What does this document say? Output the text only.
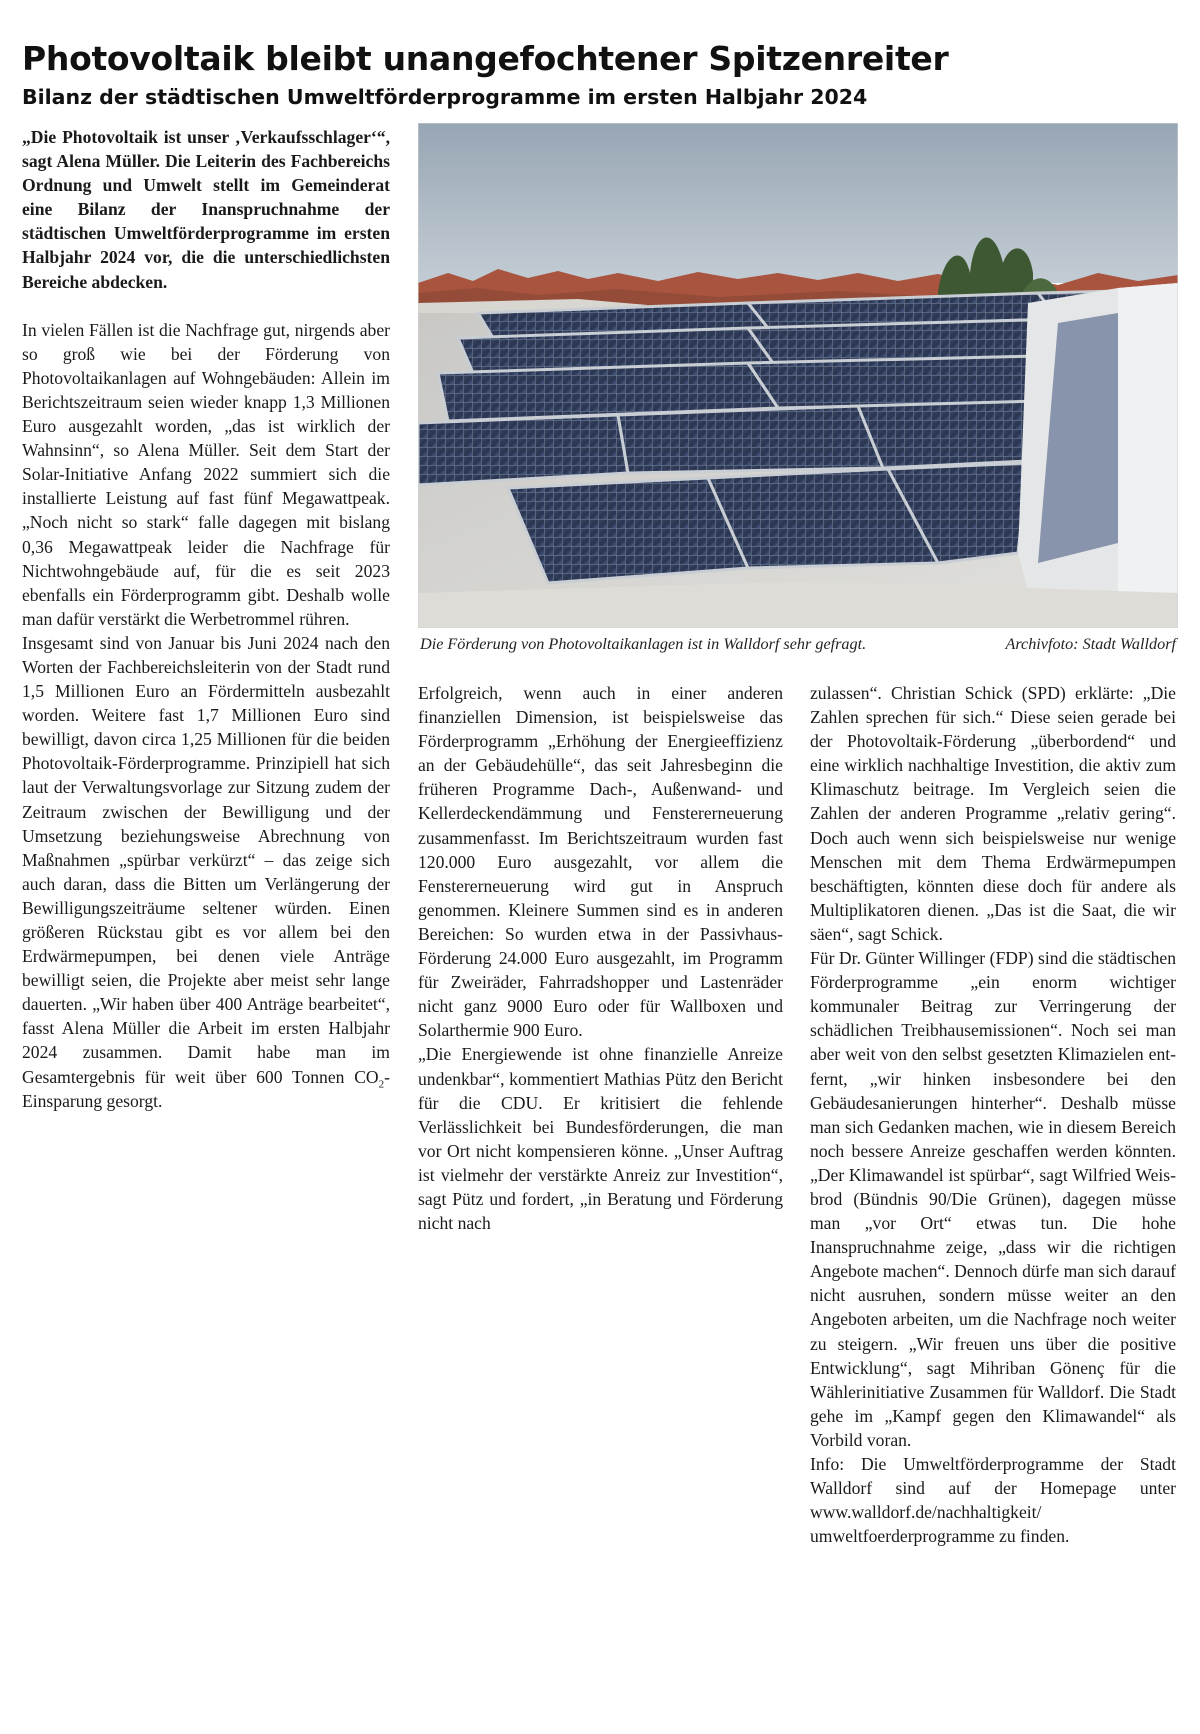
Photovoltaik bleibt unangefochtener Spitzenreiter
Bilanz der städtischen Umweltförderprogramme im ersten Halbjahr 2024

„Die Photovoltaik ist unser ‚Verkaufsschlager‘“, sagt Alena Müller. Die Leiterin des Fachbereichs Ordnung und Umwelt stellt im Gemeinderat eine Bilanz der Inanspruchnahme der städtischen Umweltförderprogramme im ersten Halbjahr 2024 vor, die die unterschiedlichsten Bereiche abdecken.

In vielen Fällen ist die Nachfrage gut, nirgends aber so groß wie bei der Förderung von Photovoltaikanlagen auf Wohngebäuden: Allein im Berichtszeitraum seien wieder knapp 1,3 Millionen Euro ausgezahlt worden, „das ist wirklich der Wahnsinn“, so Alena Müller. Seit dem Start der Solar-Initiative Anfang 2022 summiert sich die installierte Leistung auf fast fünf Megawattpeak. „Noch nicht so stark“ falle dagegen mit bislang 0,36 Megawattpeak leider die Nachfrage für Nichtwohngebäude auf, für die es seit 2023 ebenfalls ein Förderprogramm gibt. Deshalb wolle man dafür verstärkt die Werbetrommel rühren.

Insgesamt sind von Januar bis Juni 2024 nach den Worten der Fachbereichsleiterin von der Stadt rund 1,5 Millionen Euro an Fördermitteln ausbezahlt worden. Weitere fast 1,7 Millionen Euro sind bewilligt, davon circa 1,25 Millionen für die beiden Photovoltaik-Förderprogramme. Prinzipiell hat sich laut der Verwaltungsvorlage zur Sitzung zudem der Zeitraum zwischen der Bewilligung und der Umsetzung beziehungsweise Abrechnung von Maßnahmen „spürbar verkürzt“ – das zeige sich auch daran, dass die Bitten um Verlängerung der Bewilligungszeiträume seltener würden. Einen größeren Rückstau gibt es vor allem bei den Erdwärmepumpen, bei denen viele Anträge bewilligt seien, die Projekte aber meist sehr lange dauerten. „Wir haben über 400 Anträge bearbeitet“, fasst Alena Müller die Arbeit im ersten Halbjahr 2024 zusammen. Damit habe man im Gesamtergebnis für weit über 600 Tonnen $CO_2$-Einsparung gesorgt.

Die Förderung von Photovoltaikanlagen ist in Walldorf sehr gefragt.	Archivfoto: Stadt Walldorf

Erfolgreich, wenn auch in einer anderen finanziellen Dimension, ist beispielsweise das Förderprogramm „Erhöhung der Energieeffizienz an der Gebäudehülle“, das seit Jahresbeginn die früheren Programme Dach-, Außenwand- und Kellerdeckendämmung und Fenstererneuerung zusammenfasst. Im Berichtszeitraum wurden fast 120.000 Euro ausgezahlt, vor allem die Fenstererneuerung wird gut in Anspruch genommen. Kleinere Summen sind es in anderen Bereichen: So wurden etwa in der Passivhaus-Förderung 24.000 Euro ausgezahlt, im Programm für Zweiräder, Fahrradshopper und Lastenräder nicht ganz 9000 Euro oder für Wallboxen und Solarthermie 900 Euro.

„Die Energiewende ist ohne finanzielle Anreize undenkbar“, kommentiert Mathias Pütz den Bericht für die CDU. Er kritisiert die fehlende Verlässlichkeit bei Bundesförderungen, die man vor Ort nicht kompensieren könne. „Unser Auftrag ist vielmehr der verstärkte Anreiz zur Investition“, sagt Pütz und fordert, „in Beratung und Förderung nicht nach

zulassen“. Christian Schick (SPD) erklärte: „Die Zahlen sprechen für sich.“ Diese seien gerade bei der Photovoltaik-Förderung „überbordend“ und eine wirklich nachhaltige Investition, die aktiv zum Klimaschutz beitrage. Im Vergleich seien die Zahlen der anderen Programme „relativ gering“. Doch auch wenn sich beispielsweise nur wenige Menschen mit dem Thema Erdwärmepumpen beschäftigten, könnten diese doch für andere als Multiplikatoren dienen. „Das ist die Saat, die wir säen“, sagt Schick.

Für Dr. Günter Willinger (FDP) sind die städtischen Förderprogramme „ein enorm wichtiger kommunaler Beitrag zur Verringerung der schädlichen Treibhausemissionen“. Noch sei man aber weit von den selbst gesetzten Klimazielen entfernt, „wir hinken insbesondere bei den Gebäudesanierungen hinterher“. Deshalb müsse man sich Gedanken machen, wie in diesem Bereich noch bessere Anreize geschaffen werden könnten. „Der Klimawandel ist spürbar“, sagt Wilfried Weisbrod (Bündnis 90/Die Grünen), dagegen müsse man „vor Ort“ etwas tun. Die hohe Inanspruchnahme zeige, „dass wir die richtigen Angebote machen“. Dennoch dürfe man sich darauf nicht ausruhen, sondern müsse weiter an den Angeboten arbeiten, um die Nachfrage noch weiter zu steigern. „Wir freuen uns über die positive Entwicklung“, sagt Mihriban Gönenç für die Wählerinitiative Zusammen für Walldorf. Die Stadt gehe im „Kampf gegen den Klimawandel“ als Vorbild voran.

Info: Die Umweltförderprogramme der Stadt Walldorf sind auf der Homepage unter www.walldorf.de/nachhaltigkeit/ umweltfoerderprogramme zu finden.
